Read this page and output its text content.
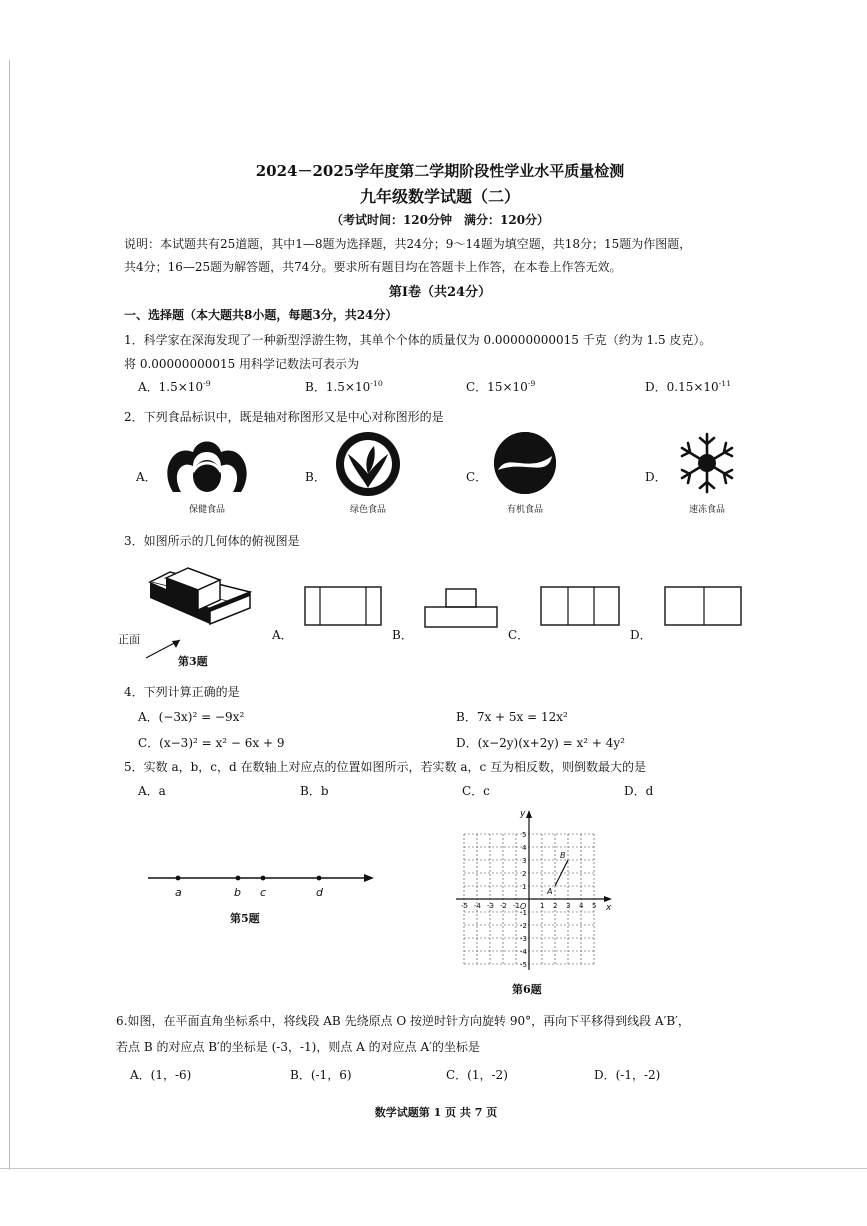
2024－2025学年度第二学期阶段性学业水平质量检测
九年级数学试题（二）
（考试时间：120分钟　满分：120分）
说明：本试题共有25道题，其中1—8题为选择题，共24分；9～14题为填空题，共18分；15题为作图题，
共4分；16—25题为解答题，共74分。要求所有题目均在答题卡上作答，在本卷上作答无效。
第Ⅰ卷（共24分）
一、选择题（本大题共8小题，每题3分，共24分）
1．科学家在深海发现了一种新型浮游生物，其单个个体的质量仅为 0.00000000015 千克（约为 1.5 皮克）。
将 0.00000000015 用科学记数法可表示为
A．$1.5\times 10^{-9}$	B．$1.5\times 10^{-10}$	C．$15\times 10^{-9}$	D．$0.15\times 10^{-11}$
2．下列食品标识中，既是轴对称图形又是中心对称图形的是
A．	B．	C．	D．
保健食品	绿色食品	有机食品	速冻食品
3．如图所示的几何体的俯视图是
正面
第3题
A．	B．	C．	D．
4．下列计算正确的是
A．(−3x)² = −9x²	B．7x + 5x = 12x²
C．(x−3)² = x² − 6x + 9	D．(x−2y)(x+2y) = x² + 4y²
5．实数 a，b，c，d 在数轴上对应点的位置如图所示，若实数 a，c 互为相反数，则倒数最大的是
A．a	B．b	C．c	D．d
a	b c	d
第5题
x
y
O
-5 -4 -3 -2 -1	1 2 3 4 5
5
4
3
2
1
-1
-2
-3
-4
-5
A
B
第6题
6.如图，在平面直角坐标系中，将线段 AB 先绕原点 O 按逆时针方向旋转 90°，再向下平移得到线段 A′B′，
若点 B 的对应点 B′的坐标是 (-3，-1)，则点 A 的对应点 A′的坐标是
A．(1，-6)	B．(-1，6)	C．(1，-2)	D．(-1，-2)
数学试题第 1 页 共 7 页
